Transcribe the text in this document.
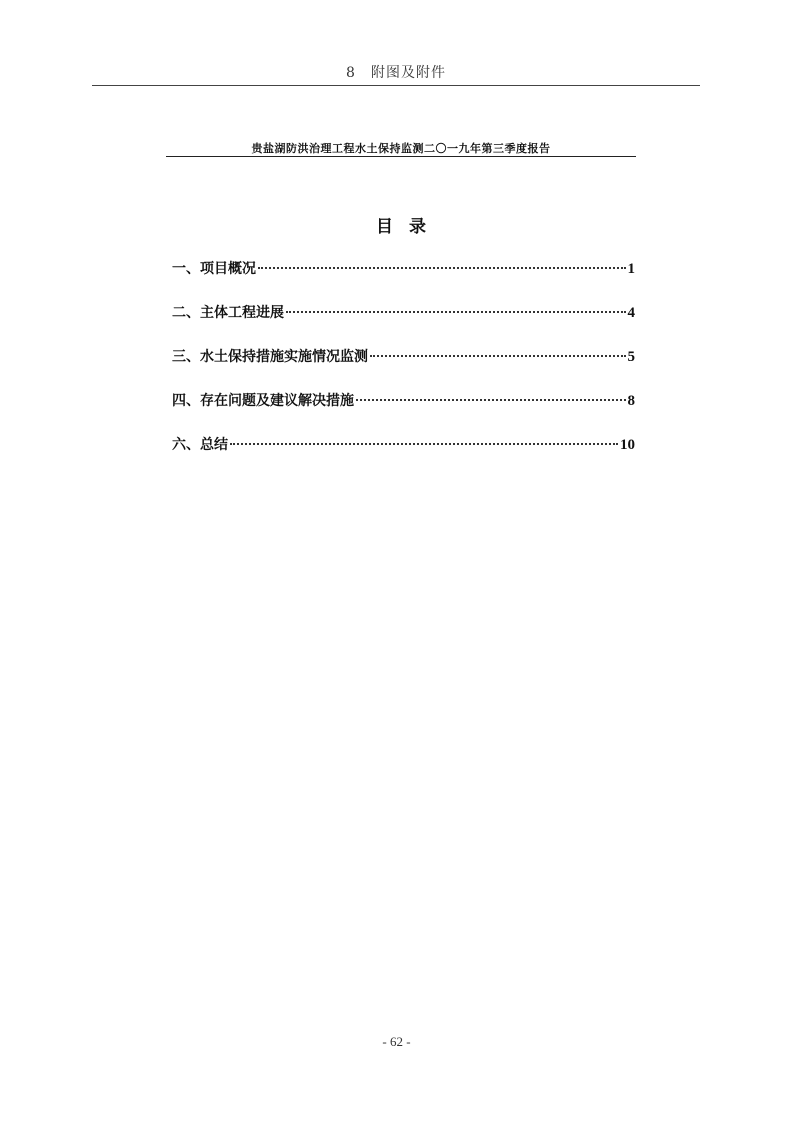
8　附图及附件
贵盐湖防洪治理工程水土保持监测二〇一九年第三季度报告
目录
一、项目概况	1
二、主体工程进展	4
三、水土保持措施实施情况监测	5
四、存在问题及建议解决措施	8
六、总结	10
- 62 -
